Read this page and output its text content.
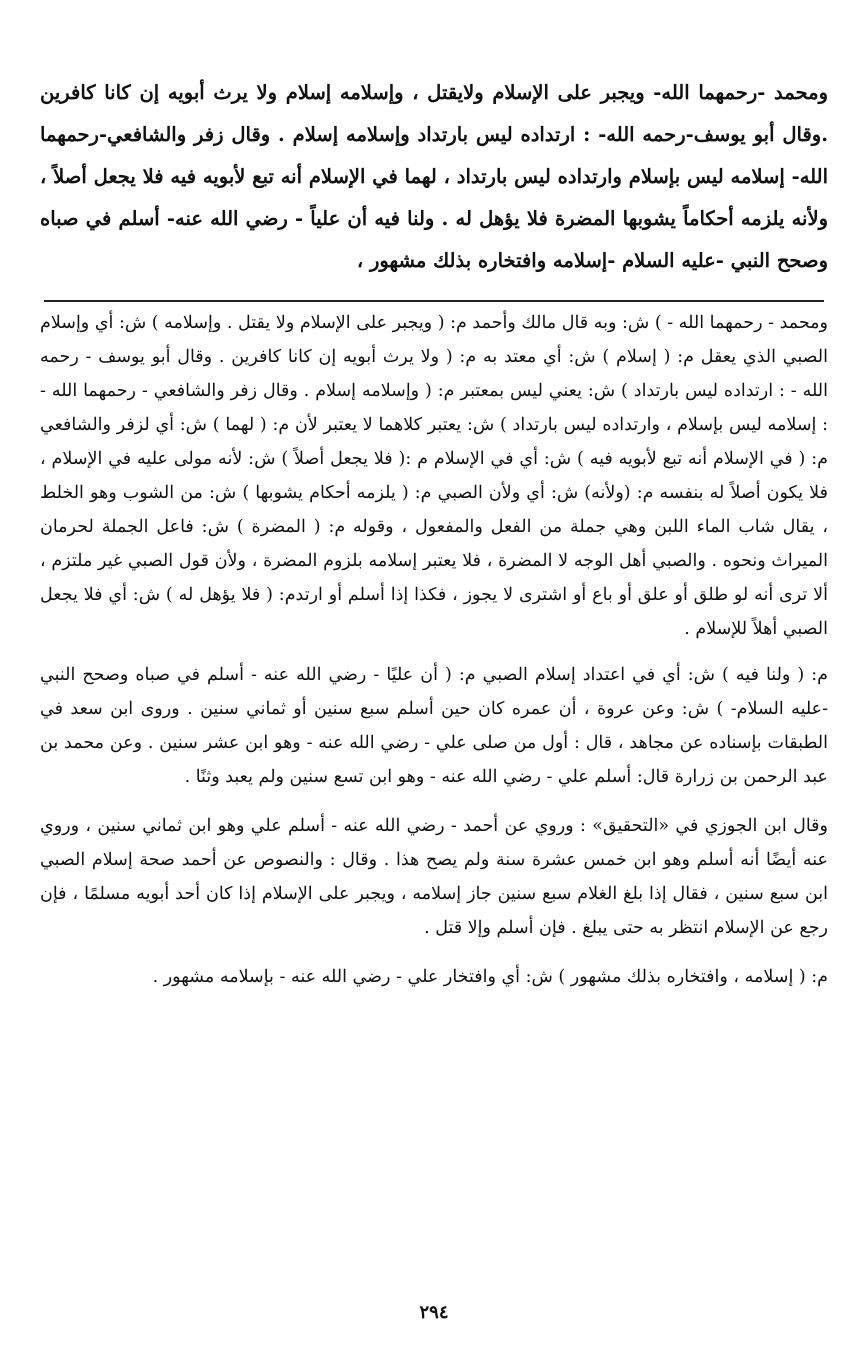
ومحمد -رحمهما الله- ويجبر على الإسلام ولايقتل ، وإسلامه إسلام ولا يرث أبويه إن كانا كافرين .وقال أبو يوسف-رحمه الله- : ارتداده ليس بارتداد وإسلامه إسلام . وقال زفر والشافعي-رحمهما الله- إسلامه ليس بإسلام وارتداده ليس بارتداد ، لهما في الإسلام أنه تبع لأبويه فيه فلا يجعل أصلاً ، ولأنه يلزمه أحكاماً يشوبها المضرة فلا يؤهل له . ولنا فيه أن علياً - رضي الله عنه- أسلم في صباه وصحح النبي -عليه السلام -إسلامه وافتخاره بذلك مشهور ،

ومحمد - رحمهما الله - ) ش: وبه قال مالك وأحمد م: ( ويجبر على الإسلام ولا يقتل . وإسلامه ) ش: أي وإسلام الصبي الذي يعقل م: ( إسلام ) ش: أي معتد به م: ( ولا يرث أبويه إن كانا كافرين . وقال أبو يوسف - رحمه الله - : ارتداده ليس بارتداد ) ش: يعني ليس بمعتبر م: ( وإسلامه إسلام . وقال زفر والشافعي - رحمهما الله - : إسلامه ليس بإسلام ، وارتداده ليس بارتداد ) ش: يعتبر كلاهما لا يعتبر لأن م: ( لهما ) ش: أي لزفر والشافعي م: ( في الإسلام أنه تبع لأبويه فيه ) ش: أي في الإسلام م :( فلا يجعل أصلاً ) ش: لأنه مولى عليه في الإسلام ، فلا يكون أصلاً له بنفسه م: (ولأنه) ش: أي ولأن الصبي م: ( يلزمه أحكام يشوبها ) ش: من الشوب وهو الخلط ، يقال شاب الماء اللبن وهي جملة من الفعل والمفعول ، وقوله م: ( المضرة ) ش: فاعل الجملة لحرمان الميراث ونحوه . والصبي أهل الوجه لا المضرة ، فلا يعتبر إسلامه بلزوم المضرة ، ولأن قول الصبي غير ملتزم ، ألا ترى أنه لو طلق أو علق أو باع أو اشترى لا يجوز ، فكذا إذا أسلم أو ارتدم: ( فلا يؤهل له ) ش: أي فلا يجعل الصبي أهلاً للإسلام .

م: ( ولنا فيه ) ش: أي في اعتداد إسلام الصبي م: ( أن عليًا - رضي الله عنه - أسلم في صباه وصحح النبي -عليه السلام- ) ش: وعن عروة ، أن عمره كان حين أسلم سبع سنين أو ثماني سنين . وروى ابن سعد في الطبقات بإسناده عن مجاهد ، قال : أول من صلى علي - رضي الله عنه - وهو ابن عشر سنين . وعن محمد بن عبد الرحمن بن زرارة قال: أسلم علي - رضي الله عنه - وهو ابن تسع سنين ولم يعبد وثنًا .

وقال ابن الجوزي في «التحقيق» : وروي عن أحمد - رضي الله عنه - أسلم علي وهو ابن ثماني سنين ، وروي عنه أيضًا أنه أسلم وهو ابن خمس عشرة سنة ولم يصح هذا . وقال : والنصوص عن أحمد صحة إسلام الصبي ابن سبع سنين ، فقال إذا بلغ الغلام سبع سنين جاز إسلامه ، ويجبر على الإسلام إذا كان أحد أبويه مسلمًا ، فإن رجع عن الإسلام انتظر به حتى يبلغ . فإن أسلم وإلا قتل .

م: ( إسلامه ، وافتخاره بذلك مشهور ) ش: أي وافتخار علي - رضي الله عنه - بإسلامه مشهور .

٢٩٤
